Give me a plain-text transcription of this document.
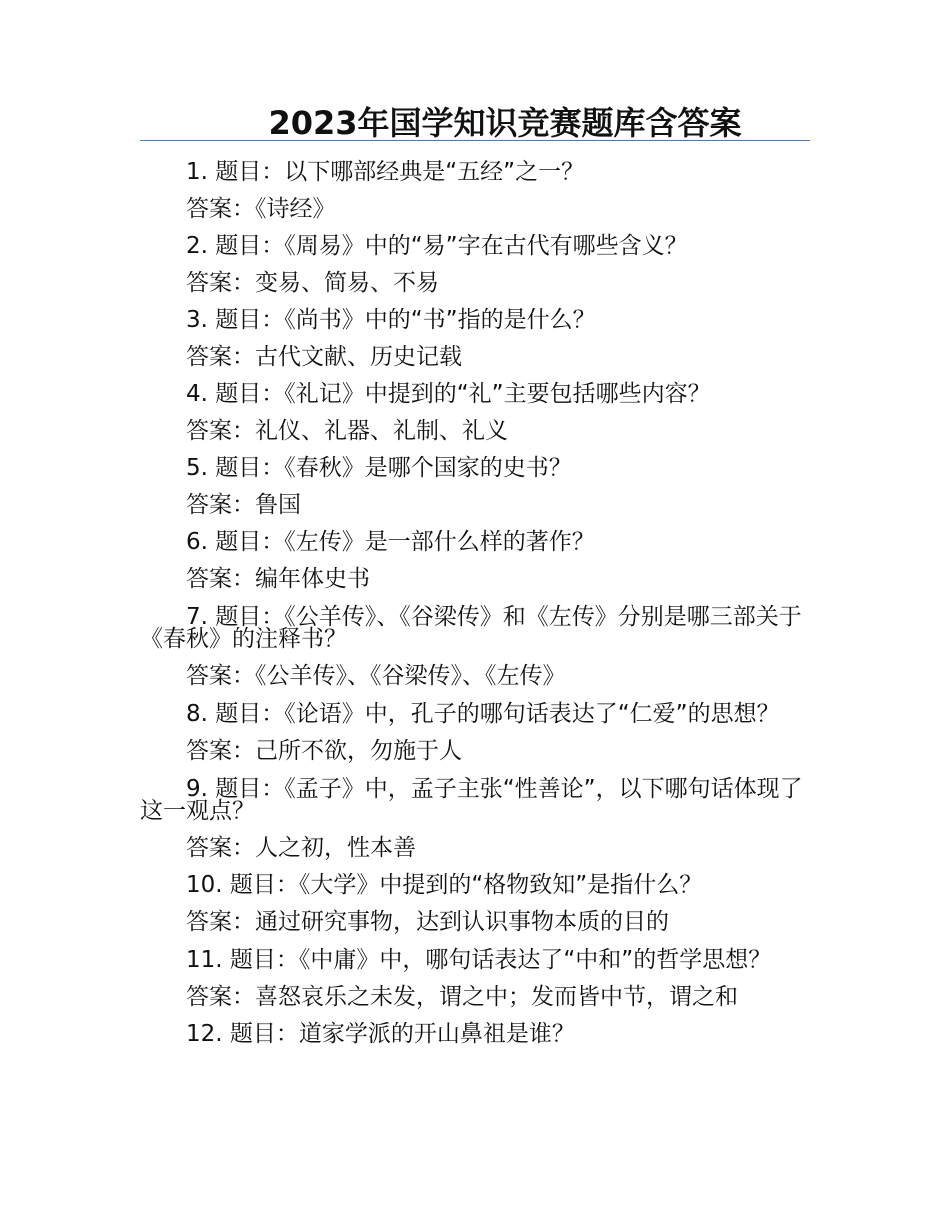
2023年国学知识竞赛题库含答案

1. 题目：以下哪部经典是“五经”之一？

答案：《诗经》

2. 题目：《周易》中的“易”字在古代有哪些含义？

答案：变易、简易、不易

3. 题目：《尚书》中的“书”指的是什么？

答案：古代文献、历史记载

4. 题目：《礼记》中提到的“礼”主要包括哪些内容？

答案：礼仪、礼器、礼制、礼义

5. 题目：《春秋》是哪个国家的史书？

答案：鲁国

6. 题目：《左传》是一部什么样的著作？

答案：编年体史书

7. 题目：《公羊传》、《谷梁传》和《左传》分别是哪三部关于《春秋》的注释书？

答案：《公羊传》、《谷梁传》、《左传》

8. 题目：《论语》中，孔子的哪句话表达了“仁爱”的思想？

答案：己所不欲，勿施于人

9. 题目：《孟子》中，孟子主张“性善论”，以下哪句话体现了这一观点？

答案：人之初，性本善

10. 题目：《大学》中提到的“格物致知”是指什么？

答案：通过研究事物，达到认识事物本质的目的

11. 题目：《中庸》中，哪句话表达了“中和”的哲学思想？

答案：喜怒哀乐之未发，谓之中；发而皆中节，谓之和

12. 题目：道家学派的开山鼻祖是谁？
